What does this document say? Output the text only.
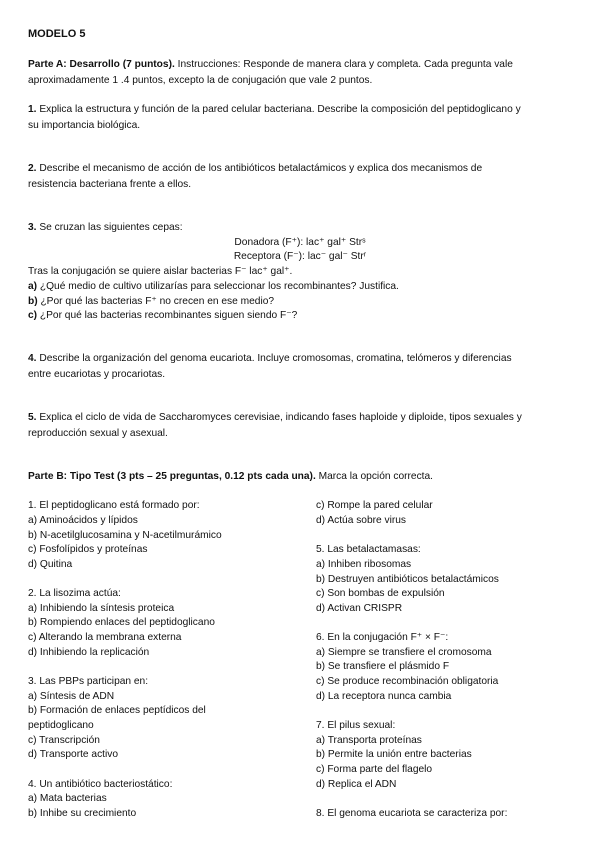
MODELO 5
Parte A: Desarrollo (7 puntos). Instrucciones: Responde de manera clara y completa. Cada pregunta vale
aproximadamente 1 .4 puntos, excepto la de conjugación que vale 2 puntos.
1. Explica la estructura y función de la pared celular bacteriana. Describe la composición del peptidoglicano y
su importancia biológica.
2. Describe el mecanismo de acción de los antibióticos betalactámicos y explica dos mecanismos de
resistencia bacteriana frente a ellos.
3. Se cruzan las siguientes cepas:
Donadora (F⁺): lac⁺ gal⁺ Strˢ
Receptora (F⁻): lac⁻ gal⁻ Strʳ
Tras la conjugación se quiere aislar bacterias F⁻ lac⁺ gal⁺.
a) ¿Qué medio de cultivo utilizarías para seleccionar los recombinantes? Justifica.
b) ¿Por qué las bacterias F⁺ no crecen en ese medio?
c) ¿Por qué las bacterias recombinantes siguen siendo F⁻?
4. Describe la organización del genoma eucariota. Incluye cromosomas, cromatina, telómeros y diferencias
entre eucariotas y procariotas.
5. Explica el ciclo de vida de Saccharomyces cerevisiae, indicando fases haploide y diploide, tipos sexuales y
reproducción sexual y asexual.
Parte B: Tipo Test (3 pts – 25 preguntas, 0.12 pts cada una). Marca la opción correcta.
1. El peptidoglicano está formado por:
a) Aminoácidos y lípidos
b) N-acetilglucosamina y N-acetilmurámico
c) Fosfolípidos y proteínas
d) Quitina
2. La lisozima actúa:
a) Inhibiendo la síntesis proteica
b) Rompiendo enlaces del peptidoglicano
c) Alterando la membrana externa
d) Inhibiendo la replicación
3. Las PBPs participan en:
a) Síntesis de ADN
b) Formación de enlaces peptídicos del
peptidoglicano
c) Transcripción
d) Transporte activo
4. Un antibiótico bacteriostático:
a) Mata bacterias
b) Inhibe su crecimiento
c) Rompe la pared celular
d) Actúa sobre virus
5. Las betalactamasas:
a) Inhiben ribosomas
b) Destruyen antibióticos betalactámicos
c) Son bombas de expulsión
d) Activan CRISPR
6. En la conjugación F⁺ × F⁻:
a) Siempre se transfiere el cromosoma
b) Se transfiere el plásmido F
c) Se produce recombinación obligatoria
d) La receptora nunca cambia
7. El pilus sexual:
a) Transporta proteínas
b) Permite la unión entre bacterias
c) Forma parte del flagelo
d) Replica el ADN
8. El genoma eucariota se caracteriza por:
